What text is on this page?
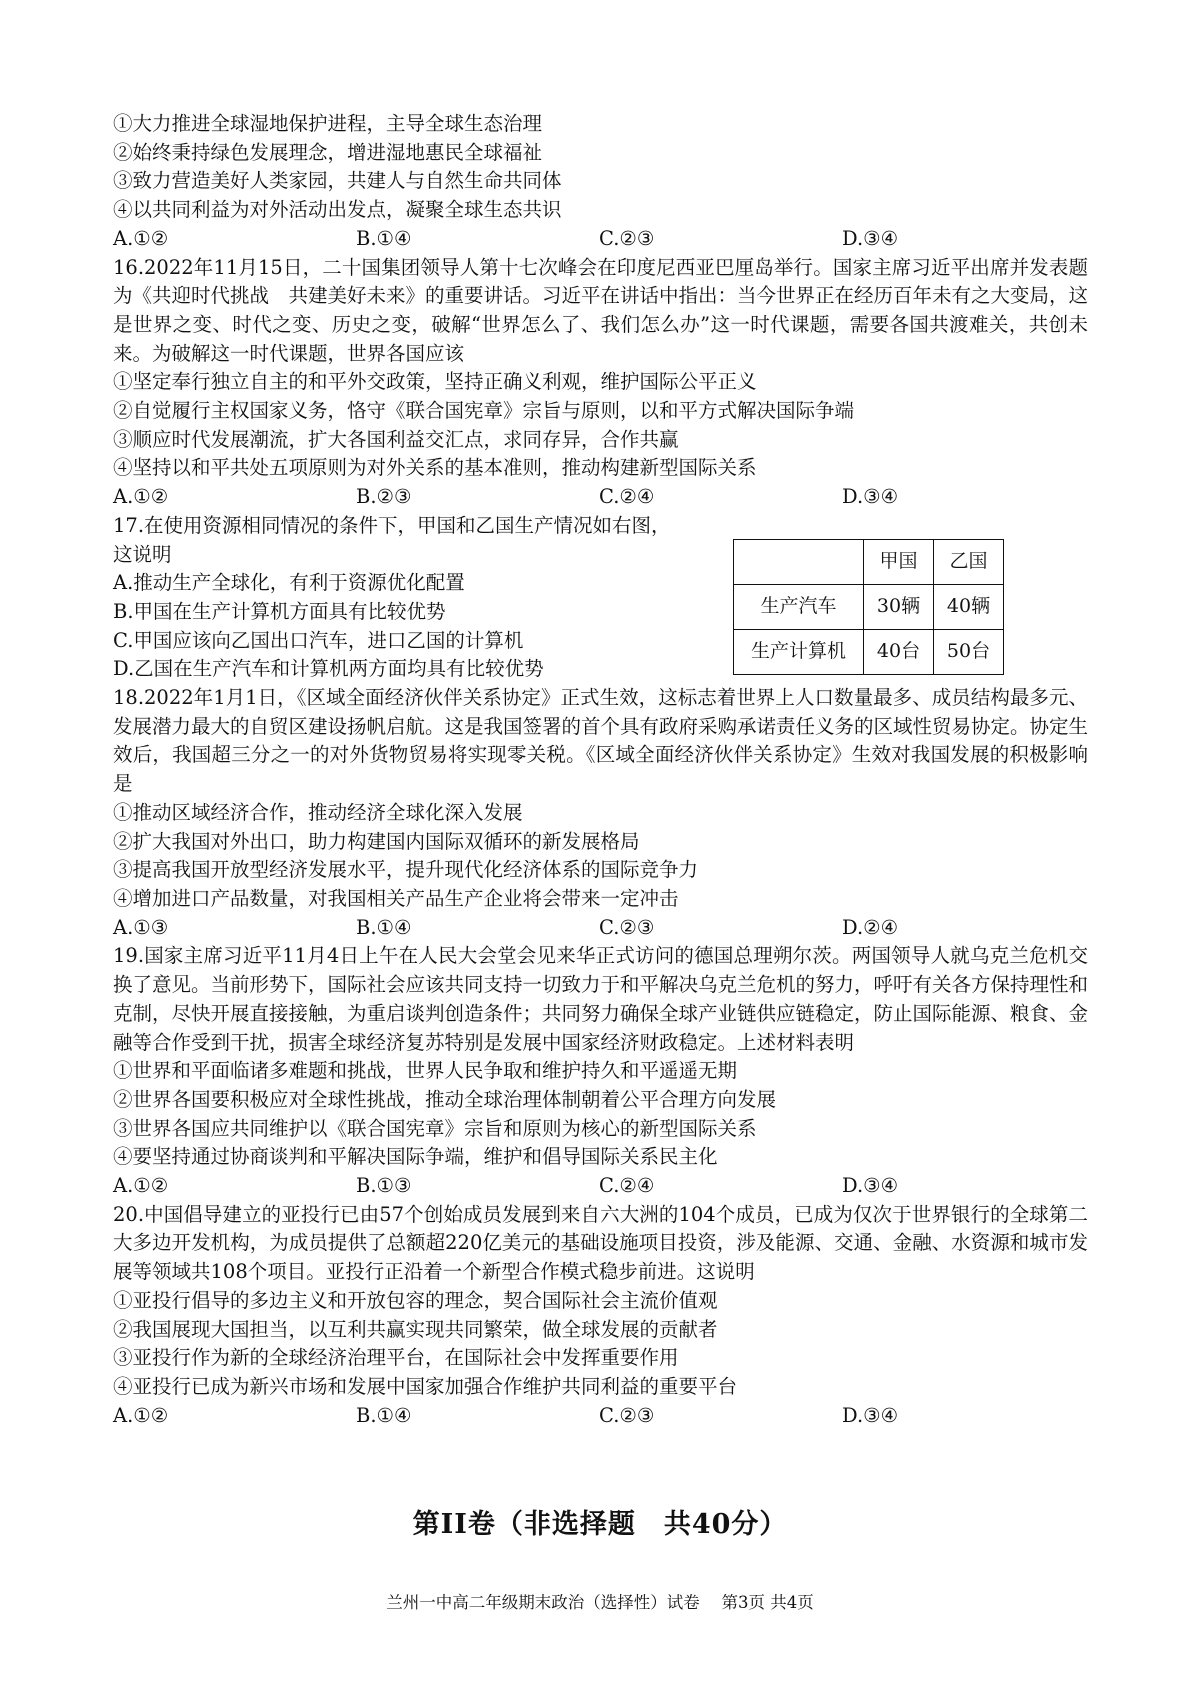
①大力推进全球湿地保护进程，主导全球生态治理
②始终秉持绿色发展理念，增进湿地惠民全球福祉
③致力营造美好人类家园，共建人与自然生命共同体
④以共同利益为对外活动出发点，凝聚全球生态共识
A.①②	B.①④	C.②③	D.③④
16.2022年11月15日，二十国集团领导人第十七次峰会在印度尼西亚巴厘岛举行。国家主席习近平出席并发表题为《共迎时代挑战　共建美好未来》的重要讲话。习近平在讲话中指出：当今世界正在经历百年未有之大变局，这是世界之变、时代之变、历史之变，破解“世界怎么了、我们怎么办”这一时代课题，需要各国共渡难关，共创未来。为破解这一时代课题，世界各国应该
①坚定奉行独立自主的和平外交政策，坚持正确义利观，维护国际公平正义
②自觉履行主权国家义务，恪守《联合国宪章》宗旨与原则，以和平方式解决国际争端
③顺应时代发展潮流，扩大各国利益交汇点，求同存异，合作共赢
④坚持以和平共处五项原则为对外关系的基本准则，推动构建新型国际关系
A.①②	B.②③	C.②④	D.③④
17.在使用资源相同情况的条件下，甲国和乙国生产情况如右图，
这说明
A.推动生产全球化，有利于资源优化配置
B.甲国在生产计算机方面具有比较优势
C.甲国应该向乙国出口汽车，进口乙国的计算机
D.乙国在生产汽车和计算机两方面均具有比较优势
	甲国	乙国
生产汽车	30辆	40辆
生产计算机	40台	50台
18.2022年1月1日，《区域全面经济伙伴关系协定》正式生效，这标志着世界上人口数量最多、成员结构最多元、发展潜力最大的自贸区建设扬帆启航。这是我国签署的首个具有政府采购承诺责任义务的区域性贸易协定。协定生效后，我国超三分之一的对外货物贸易将实现零关税。《区域全面经济伙伴关系协定》生效对我国发展的积极影响是
①推动区域经济合作，推动经济全球化深入发展
②扩大我国对外出口，助力构建国内国际双循环的新发展格局
③提高我国开放型经济发展水平，提升现代化经济体系的国际竞争力
④增加进口产品数量，对我国相关产品生产企业将会带来一定冲击
A.①③	B.①④	C.②③	D.②④
19.国家主席习近平11月4日上午在人民大会堂会见来华正式访问的德国总理朔尔茨。两国领导人就乌克兰危机交换了意见。当前形势下，国际社会应该共同支持一切致力于和平解决乌克兰危机的努力，呼吁有关各方保持理性和克制，尽快开展直接接触，为重启谈判创造条件；共同努力确保全球产业链供应链稳定，防止国际能源、粮食、金融等合作受到干扰，损害全球经济复苏特别是发展中国家经济财政稳定。上述材料表明
①世界和平面临诸多难题和挑战，世界人民争取和维护持久和平遥遥无期
②世界各国要积极应对全球性挑战，推动全球治理体制朝着公平合理方向发展
③世界各国应共同维护以《联合国宪章》宗旨和原则为核心的新型国际关系
④要坚持通过协商谈判和平解决国际争端，维护和倡导国际关系民主化
A.①②	B.①③	C.②④	D.③④
20.中国倡导建立的亚投行已由57个创始成员发展到来自六大洲的104个成员，已成为仅次于世界银行的全球第二大多边开发机构，为成员提供了总额超220亿美元的基础设施项目投资，涉及能源、交通、金融、水资源和城市发展等领域共108个项目。亚投行正沿着一个新型合作模式稳步前进。这说明
①亚投行倡导的多边主义和开放包容的理念，契合国际社会主流价值观
②我国展现大国担当，以互利共赢实现共同繁荣，做全球发展的贡献者
③亚投行作为新的全球经济治理平台，在国际社会中发挥重要作用
④亚投行已成为新兴市场和发展中国家加强合作维护共同利益的重要平台
A.①②	B.①④	C.②③	D.③④
第II卷（非选择题　共40分）
兰州一中高二年级期末政治（选择性）试卷　 第3页 共4页
